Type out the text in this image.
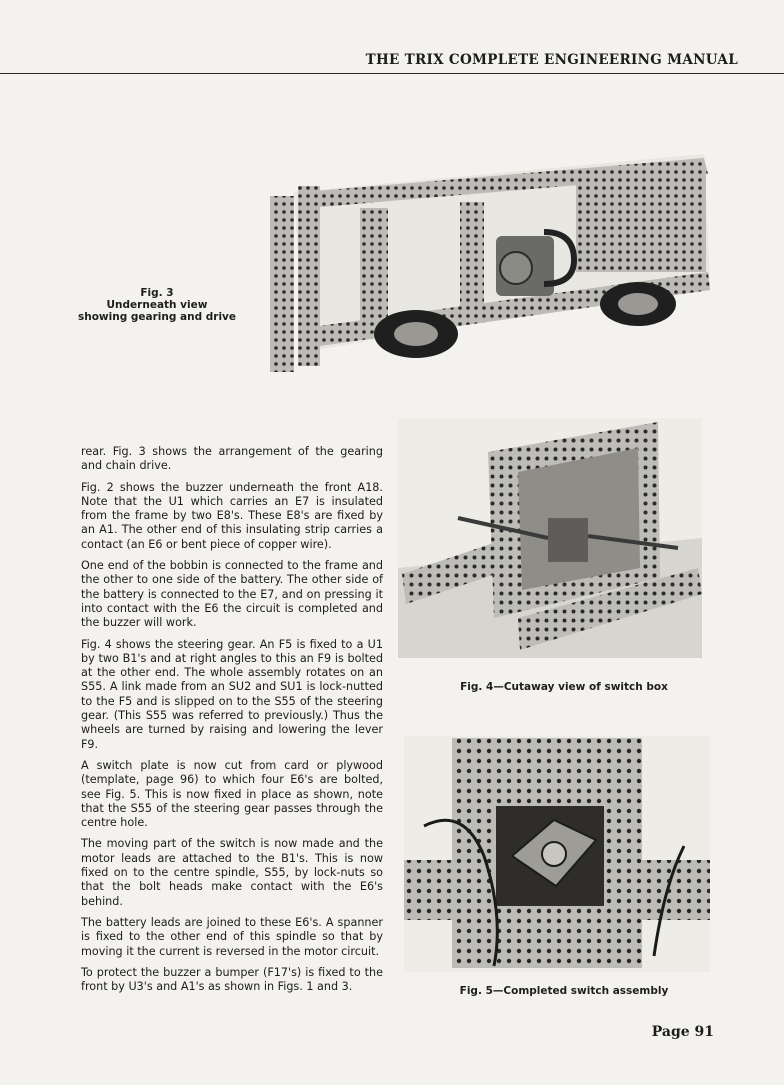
THE TRIX COMPLETE ENGINEERING MANUAL
Fig. 3
Underneath view
showing gearing and drive
Fig. 4—Cutaway view of switch box
Fig. 5—Completed switch assembly

rear. Fig. 3 shows the arrangement of the gearing and chain drive.

Fig. 2 shows the buzzer underneath the front A18. Note that the U1 which carries an E7 is insulated from the frame by two E8's. These E8's are fixed by an A1. The other end of this insulating strip carries a contact (an E6 or bent piece of copper wire).

One end of the bobbin is connected to the frame and the other to one side of the battery. The other side of the battery is connected to the E7, and on pressing it into contact with the E6 the circuit is completed and the buzzer will work.

Fig. 4 shows the steering gear. An F5 is fixed to a U1 by two B1's and at right angles to this an F9 is bolted at the other end. The whole assembly rotates on an S55. A link made from an SU2 and SU1 is lock-nutted to the F5 and is slipped on to the S55 of the steering gear. (This S55 was referred to previously.) Thus the wheels are turned by raising and lowering the lever F9.

A switch plate is now cut from card or plywood (template, page 96) to which four E6's are bolted, see Fig. 5. This is now fixed in place as shown, note that the S55 of the steering gear passes through the centre hole.

The moving part of the switch is now made and the motor leads are attached to the B1's. This is now fixed on to the centre spindle, S55, by lock-nuts so that the bolt heads make contact with the E6's behind.

The battery leads are joined to these E6's. A spanner is fixed to the other end of this spindle so that by moving it the current is reversed in the motor circuit.

To protect the buzzer a bumper (F17's) is fixed to the front by U3's and A1's as shown in Figs. 1 and 3.

Page 91
